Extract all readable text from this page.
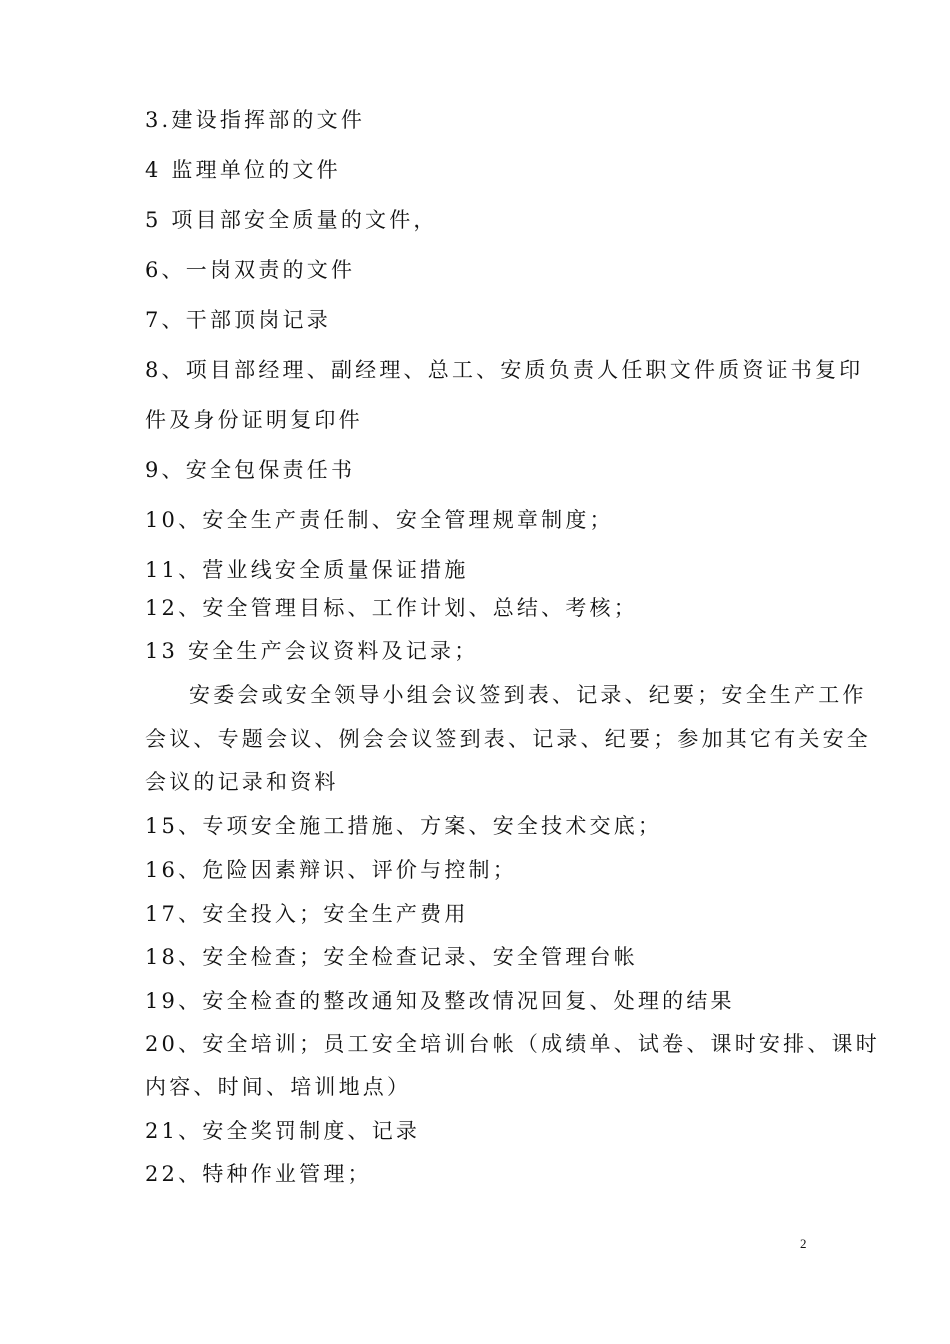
3.建设指挥部的文件
4 监理单位的文件
5 项目部安全质量的文件，
6、一岗双责的文件
7、干部顶岗记录
8、项目部经理、副经理、总工、安质负责人任职文件质资证书复印
件及身份证明复印件
9、安全包保责任书
10、安全生产责任制、安全管理规章制度；
11、营业线安全质量保证措施
12、安全管理目标、工作计划、总结、考核；
13 安全生产会议资料及记录；
安委会或安全领导小组会议签到表、记录、纪要；安全生产工作
会议、专题会议、例会会议签到表、记录、纪要；参加其它有关安全
会议的记录和资料
15、专项安全施工措施、方案、安全技术交底；
16、危险因素辩识、评价与控制；
17、安全投入；安全生产费用
18、安全检查；安全检查记录、安全管理台帐
19、安全检查的整改通知及整改情况回复、处理的结果
20、安全培训；员工安全培训台帐（成绩单、试卷、课时安排、课时
内容、时间、培训地点）
21、安全奖罚制度、记录
22、特种作业管理；
2
